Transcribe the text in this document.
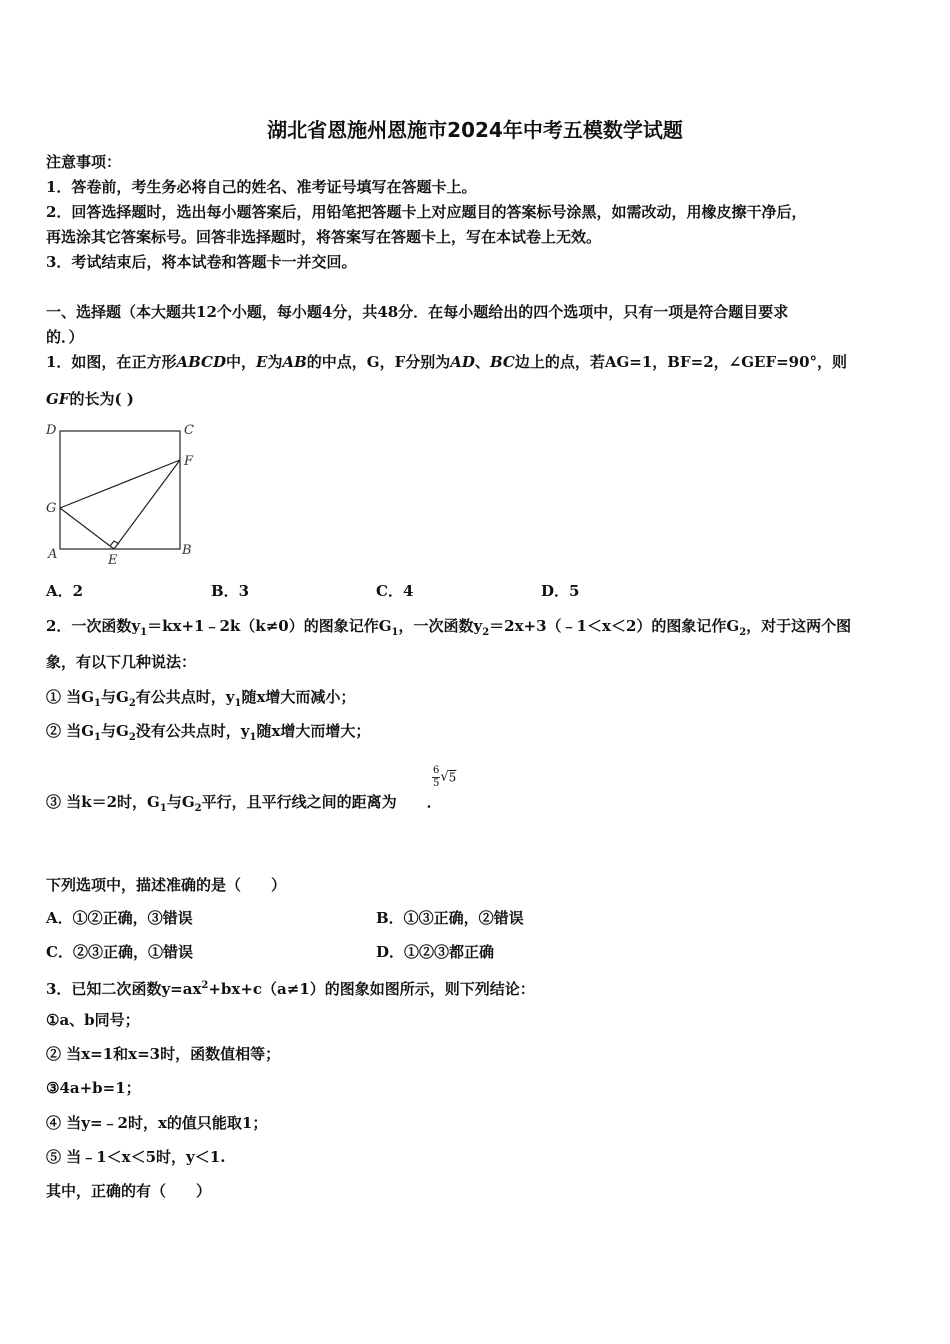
湖北省恩施州恩施市2024年中考五模数学试题
注意事项：
1．答卷前，考生务必将自己的姓名、准考证号填写在答题卡上。
2．回答选择题时，选出每小题答案后，用铅笔把答题卡上对应题目的答案标号涂黑，如需改动，用橡皮擦干净后，
再选涂其它答案标号。回答非选择题时，将答案写在答题卡上，写在本试卷上无效。
3．考试结束后，将本试卷和答题卡一并交回。
一、选择题（本大题共12个小题，每小题4分，共48分．在每小题给出的四个选项中，只有一项是符合题目要求
的．）
1．如图，在正方形ABCD中，E为AB的中点，G，F分别为AD、BC边上的点，若AG=1，BF=2，∠GEF=90°，则
GF的长为( )
D	C
F
G
A	E
B
A．2	B．3	C．4	D．5
2．一次函数$y_1=kx+1﹣2k(k\ne 0)$的图象记作$G_1$，一次函数$y_2=2x+3(﹣1<x<2)$的图象记作$G_2$，对于这两个图
象，有以下几种说法：
① 当$G_1$与$G_2$有公共点时，$y_1$随x增大而减小；
② 当$G_1$与$G_2$没有公共点时，$y_1$随x增大而增大；
$\frac{6}{5} √5$
③ 当k＝2时，$G_1$与$G_2$平行，且平行线之间的距离为 ．
下列选项中，描述准确的是（　　）
A．①②正确，③错误	B．①③正确，②错误
C．②③正确，①错误	D．①②③都正确
3．已知二次函数$y=ax^2+bx+c(a\ne 1)$的图象如图所示，则下列结论：
①a、b同号；
② 当x=1和x=3时，函数值相等；
③4a+b=1；
④ 当y=﹣2时，x的值只能取1；
⑤ 当﹣1＜x＜5时，y＜1.
其中，正确的有（　　）
